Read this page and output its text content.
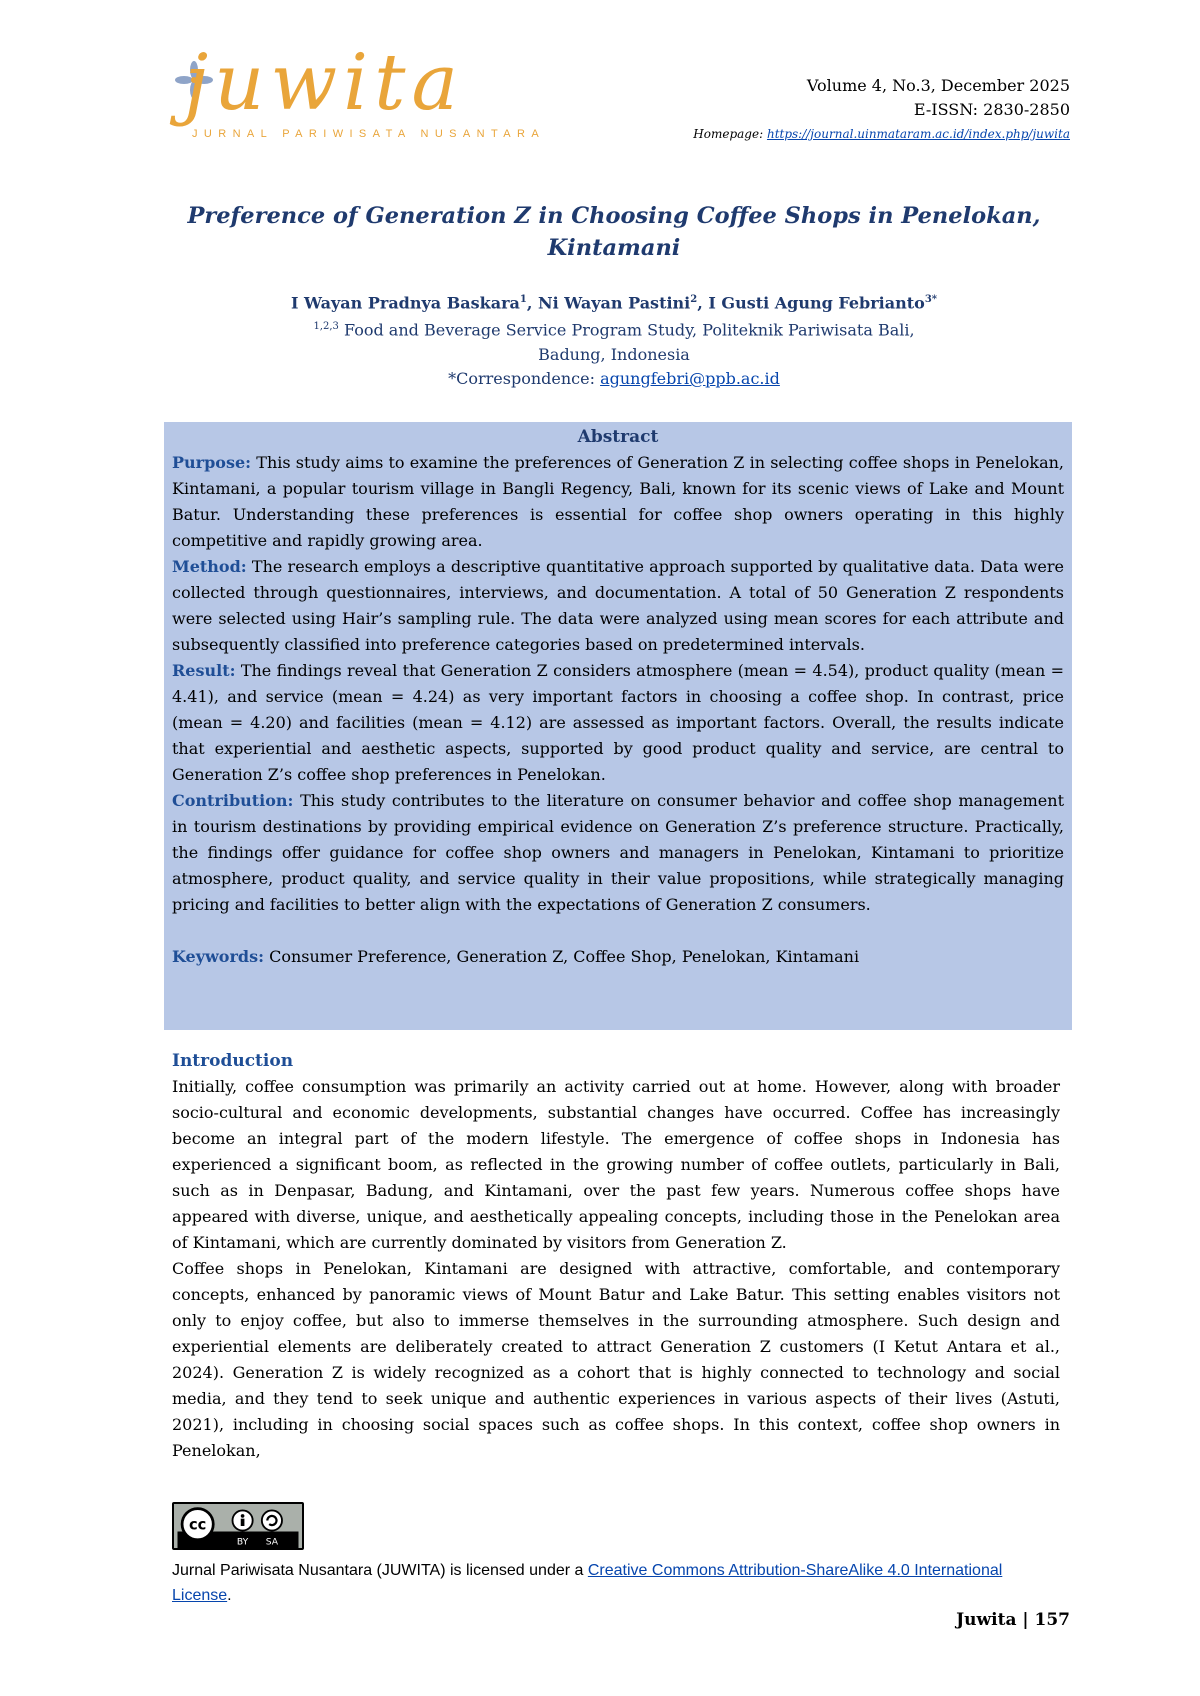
juwita
JURNAL PARIWISATA NUSANTARA
Volume 4, No.3, December 2025
E-ISSN: 2830-2850
Homepage: https://journal.uinmataram.ac.id/index.php/juwita
Preference of Generation Z in Choosing Coffee Shops in Penelokan, Kintamani
I Wayan Pradnya Baskara$^1$, Ni Wayan Pastini$^2$, I Gusti Agung Febrianto$^{3*}$
$^{1,2,3}$ Food and Beverage Service Program Study, Politeknik Pariwisata Bali, Badung, Indonesia
*Correspondence: agungfebri@ppb.ac.id
Abstract

Purpose: This study aims to examine the preferences of Generation Z in selecting coffee shops in Penelokan, Kintamani, a popular tourism village in Bangli Regency, Bali, known for its scenic views of Lake and Mount Batur. Understanding these preferences is essential for coffee shop owners operating in this highly competitive and rapidly growing area.

Method: The research employs a descriptive quantitative approach supported by qualitative data. Data were collected through questionnaires, interviews, and documentation. A total of 50 Generation Z respondents were selected using Hair’s sampling rule. The data were analyzed using mean scores for each attribute and subsequently classified into preference categories based on predetermined intervals.

Result: The findings reveal that Generation Z considers atmosphere (mean = 4.54), product quality (mean = 4.41), and service (mean = 4.24) as very important factors in choosing a coffee shop. In contrast, price (mean = 4.20) and facilities (mean = 4.12) are assessed as important factors. Overall, the results indicate that experiential and aesthetic aspects, supported by good product quality and service, are central to Generation Z’s coffee shop preferences in Penelokan.

Contribution: This study contributes to the literature on consumer behavior and coffee shop management in tourism destinations by providing empirical evidence on Generation Z’s preference structure. Practically, the findings offer guidance for coffee shop owners and managers in Penelokan, Kintamani to prioritize atmosphere, product quality, and service quality in their value propositions, while strategically managing pricing and facilities to better align with the expectations of Generation Z consumers.

Keywords: Consumer Preference, Generation Z, Coffee Shop, Penelokan, Kintamani

Introduction

Initially, coffee consumption was primarily an activity carried out at home. However, along with broader socio-cultural and economic developments, substantial changes have occurred. Coffee has increasingly become an integral part of the modern lifestyle. The emergence of coffee shops in Indonesia has experienced a significant boom, as reflected in the growing number of coffee outlets, particularly in Bali, such as in Denpasar, Badung, and Kintamani, over the past few years. Numerous coffee shops have appeared with diverse, unique, and aesthetically appealing concepts, including those in the Penelokan area of Kintamani, which are currently dominated by visitors from Generation Z.

Coffee shops in Penelokan, Kintamani are designed with attractive, comfortable, and contemporary concepts, enhanced by panoramic views of Mount Batur and Lake Batur. This setting enables visitors not only to enjoy coffee, but also to immerse themselves in the surrounding atmosphere. Such design and experiential elements are deliberately created to attract Generation Z customers (I Ketut Antara et al., 2024). Generation Z is widely recognized as a cohort that is highly connected to technology and social media, and they tend to seek unique and authentic experiences in various aspects of their lives (Astuti, 2021), including in choosing social spaces such as coffee shops. In this context, coffee shop owners in Penelokan,

cc
BY SA
Jurnal Pariwisata Nusantara (JUWITA) is licensed under a Creative Commons Attribution-ShareAlike 4.0 International License.
Juwita | 157
